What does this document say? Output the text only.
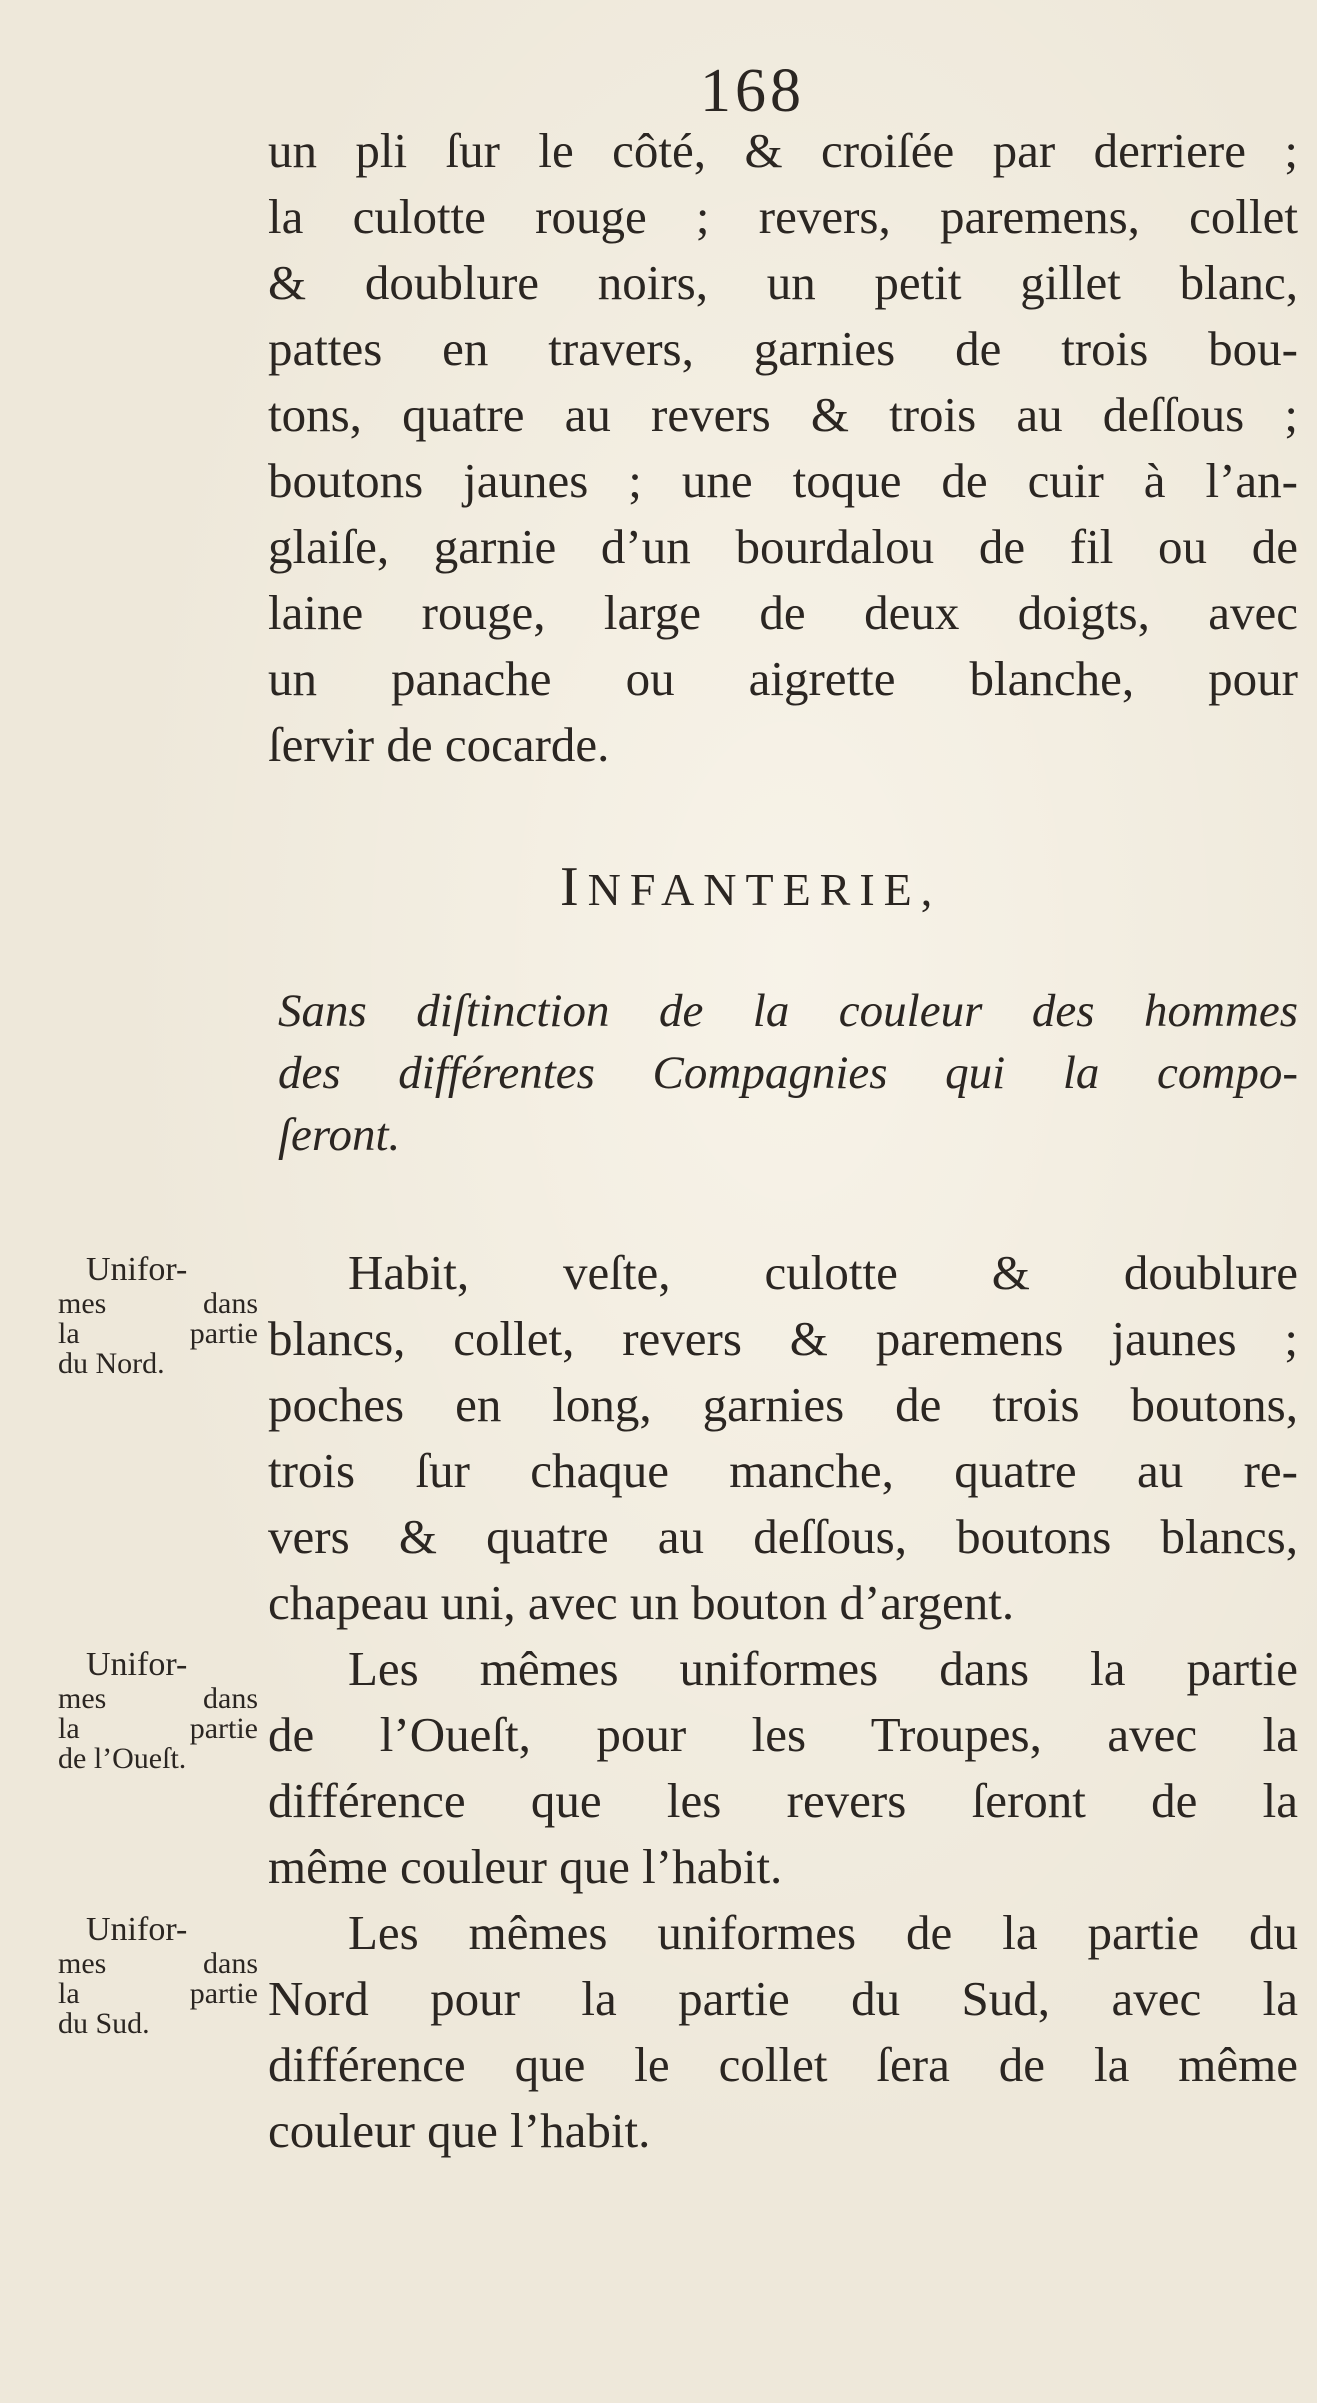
168
un pli ſur le côté, & croiſée par derriere ;
la culotte rouge ; revers, paremens, collet
& doublure noirs, un petit gillet blanc,
pattes en travers, garnies de trois bou-
tons, quatre au revers & trois au deſſous ;
boutons jaunes ; une toque de cuir à l’an-
glaiſe, garnie d’un bourdalou de fil ou de
laine rouge, large de deux doigts, avec
un panache ou aigrette blanche, pour
ſervir de cocarde.
INFANTERIE,
Sans diſtinction de la couleur des hommes
des différentes Compagnies qui la compo-
ſeront.
Unifor-
mes dans
la partie
du Nord.
Habit, veſte, culotte & doublure
blancs, collet, revers & paremens jaunes ;
poches en long, garnies de trois boutons,
trois ſur chaque manche, quatre au re-
vers & quatre au deſſous, boutons blancs,
chapeau uni, avec un bouton d’argent.
Unifor-
mes dans
la partie
de l’Oueſt.
Les mêmes uniformes dans la partie
de l’Oueſt, pour les Troupes, avec la
différence que les revers ſeront de la
même couleur que l’habit.
Unifor-
mes dans
la partie
du Sud.
Les mêmes uniformes de la partie du
Nord pour la partie du Sud, avec la
différence que le collet ſera de la même
couleur que l’habit.
